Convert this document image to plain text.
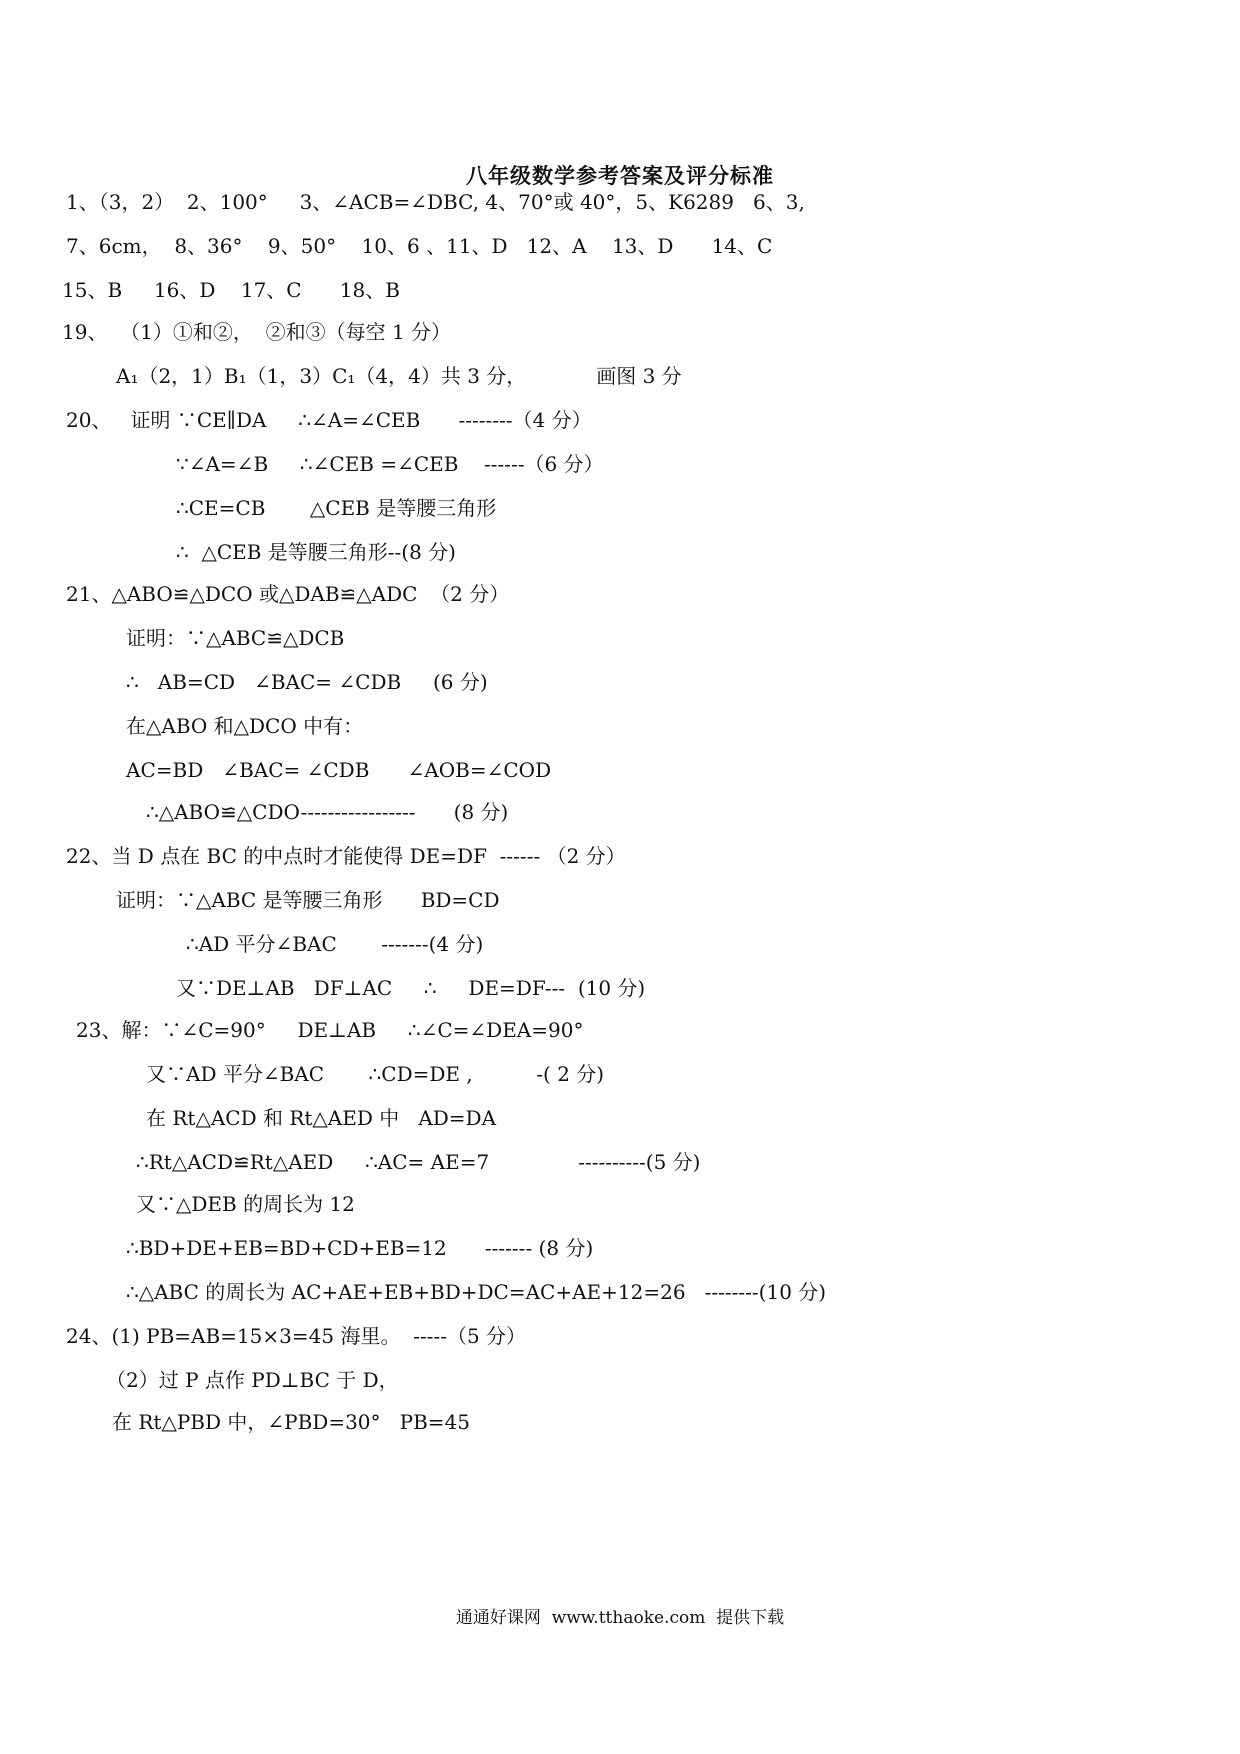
八年级数学参考答案及评分标准
1、（3，2）  2、100°     3、∠ACB=∠DBC, 4、70°或 40°，5、K6289   6、3,
7、6cm，  8、36°    9、50°    10、6 、11、D   12、A    13、D      14、C
15、B     16、D    17、C      18、B
19、  （1）①和②，  ②和③（每空 1 分）
A₁（2，1）B₁（1，3）C₁（4，4）共 3 分，           画图 3 分
20、   证明 ∵CE∥DA     ∴∠A=∠CEB      --------（4 分）
∵∠A=∠B     ∴∠CEB =∠CEB    ------（6 分）
∴CE=CB       △CEB 是等腰三角形
∴  △CEB 是等腰三角形--(8 分)
21、△ABO≌△DCO 或△DAB≌△ADC  （2 分）
证明：∵△ABC≌△DCB
∴   AB=CD   ∠BAC= ∠CDB     (6 分)
在△ABO 和△DCO 中有：
AC=BD   ∠BAC= ∠CDB      ∠AOB=∠COD
∴△ABO≌△CDO-----------------      (8 分)
22、当 D 点在 BC 的中点时才能使得 DE=DF  ------ （2 分）
证明：∵△ABC 是等腰三角形      BD=CD
∴AD 平分∠BAC       -------(4 分)
又∵DE⊥AB   DF⊥AC     ∴     DE=DF---  (10 分)
23、解：∵∠C=90°     DE⊥AB     ∴∠C=∠DEA=90°
又∵AD 平分∠BAC       ∴CD=DE ,          -( 2 分)
在 Rt△ACD 和 Rt△AED 中   AD=DA
∴Rt△ACD≌Rt△AED     ∴AC= AE=7              ----------(5 分)
又∵△DEB 的周长为 12
∴BD+DE+EB=BD+CD+EB=12      ------- (8 分)
∴△ABC 的周长为 AC+AE+EB+BD+DC=AC+AE+12=26   --------(10 分)
24、(1) PB=AB=15×3=45 海里。  -----（5 分）
（2）过 P 点作 PD⊥BC 于 D，
在 Rt△PBD 中，∠PBD=30°   PB=45
通通好课网  www.tthaoke.com  提供下载
